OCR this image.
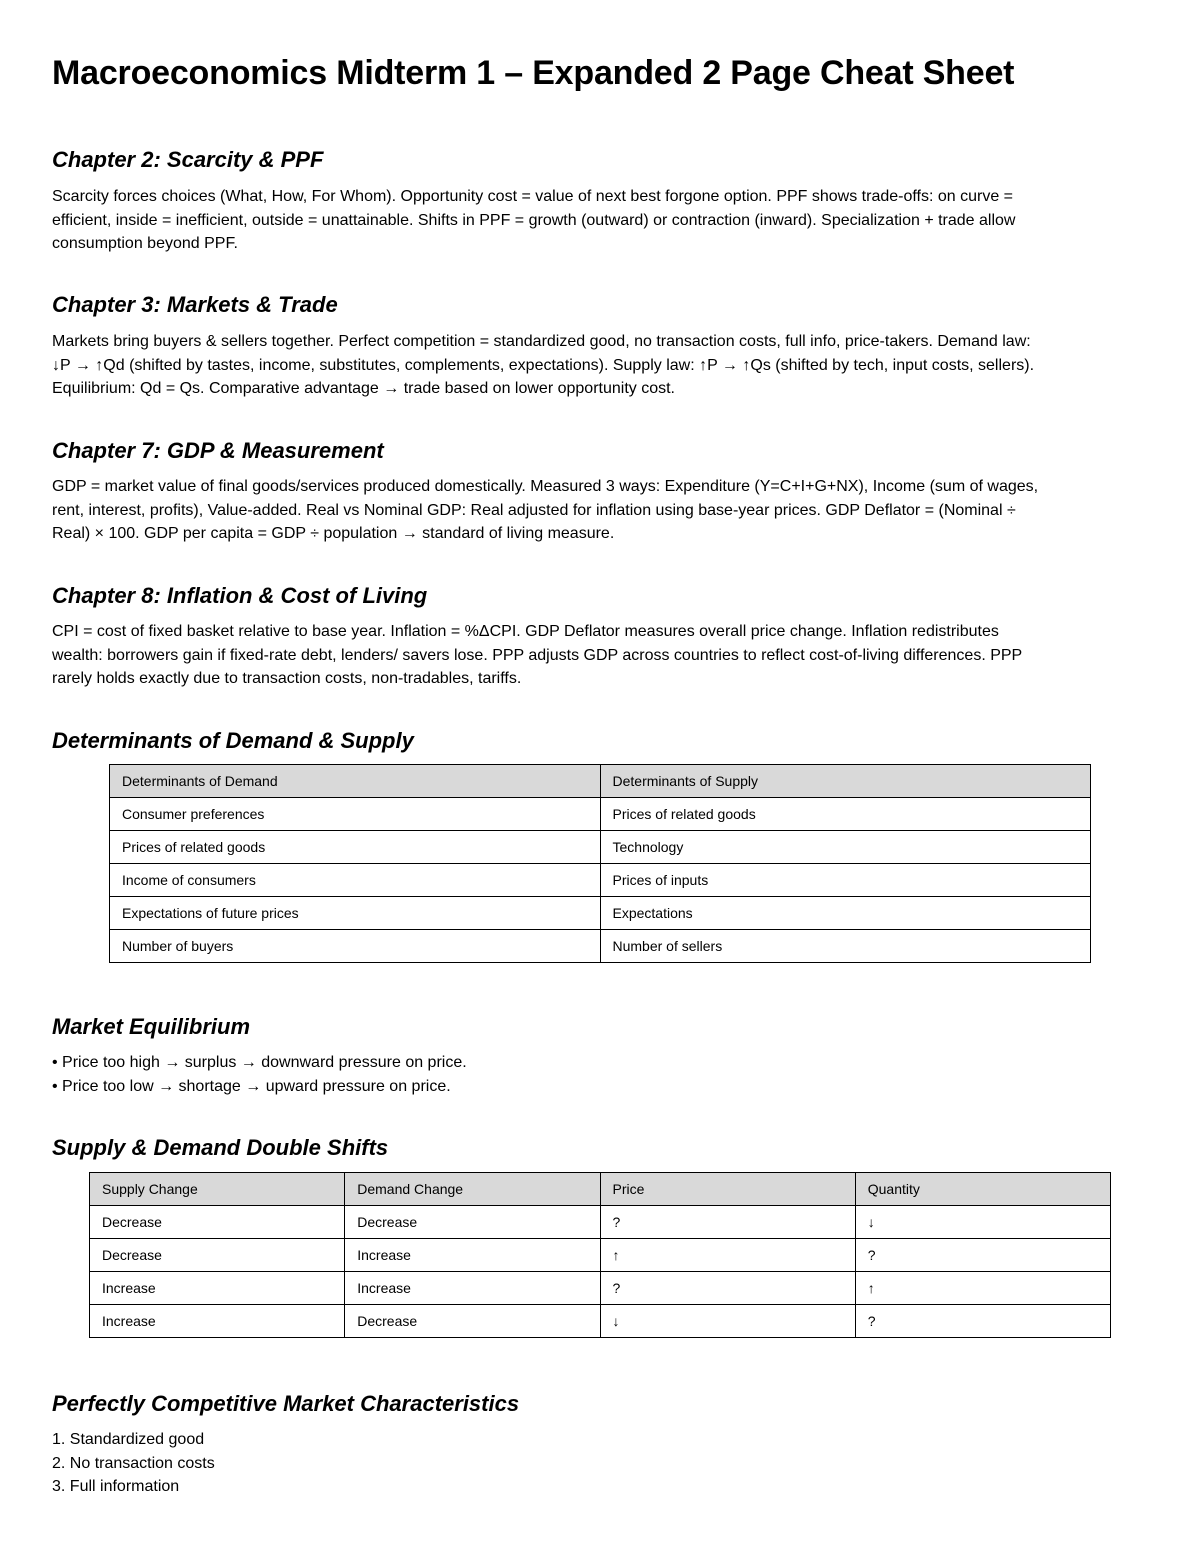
Macroeconomics Midterm 1 – Expanded 2 Page Cheat Sheet
Chapter 2: Scarcity & PPF
Scarcity forces choices (What, How, For Whom). Opportunity cost = value of next best forgone option. PPF shows trade-offs: on curve =
efficient, inside = inefficient, outside = unattainable. Shifts in PPF = growth (outward) or contraction (inward). Specialization + trade allow
consumption beyond PPF.
Chapter 3: Markets & Trade
Markets bring buyers & sellers together. Perfect competition = standardized good, no transaction costs, full info, price-takers. Demand law:
↓P → ↑Qd (shifted by tastes, income, substitutes, complements, expectations). Supply law: ↑P → ↑Qs (shifted by tech, input costs, sellers).
Equilibrium: Qd = Qs. Comparative advantage → trade based on lower opportunity cost.
Chapter 7: GDP & Measurement
GDP = market value of final goods/services produced domestically. Measured 3 ways: Expenditure (Y=C+I+G+NX), Income (sum of wages,
rent, interest, profits), Value-added. Real vs Nominal GDP: Real adjusted for inflation using base-year prices. GDP Deflator = (Nominal ÷
Real) × 100. GDP per capita = GDP ÷ population → standard of living measure.
Chapter 8: Inflation & Cost of Living
CPI = cost of fixed basket relative to base year. Inflation = %ΔCPI. GDP Deflator measures overall price change. Inflation redistributes
wealth: borrowers gain if fixed-rate debt, lenders/ savers lose. PPP adjusts GDP across countries to reflect cost-of-living differences. PPP
rarely holds exactly due to transaction costs, non-tradables, tariffs.
Determinants of Demand & Supply
Determinants of Demand	Determinants of Supply
Consumer preferences	Prices of related goods
Prices of related goods	Technology
Income of consumers	Prices of inputs
Expectations of future prices	Expectations
Number of buyers	Number of sellers
Market Equilibrium
• Price too high → surplus → downward pressure on price.
• Price too low → shortage → upward pressure on price.
Supply & Demand Double Shifts
Supply Change	Demand Change	Price	Quantity
Decrease	Decrease	?	↓
Decrease	Increase	↑	?
Increase	Increase	?	↑
Increase	Decrease	↓	?
Perfectly Competitive Market Characteristics
1. Standardized good
2. No transaction costs
3. Full information
